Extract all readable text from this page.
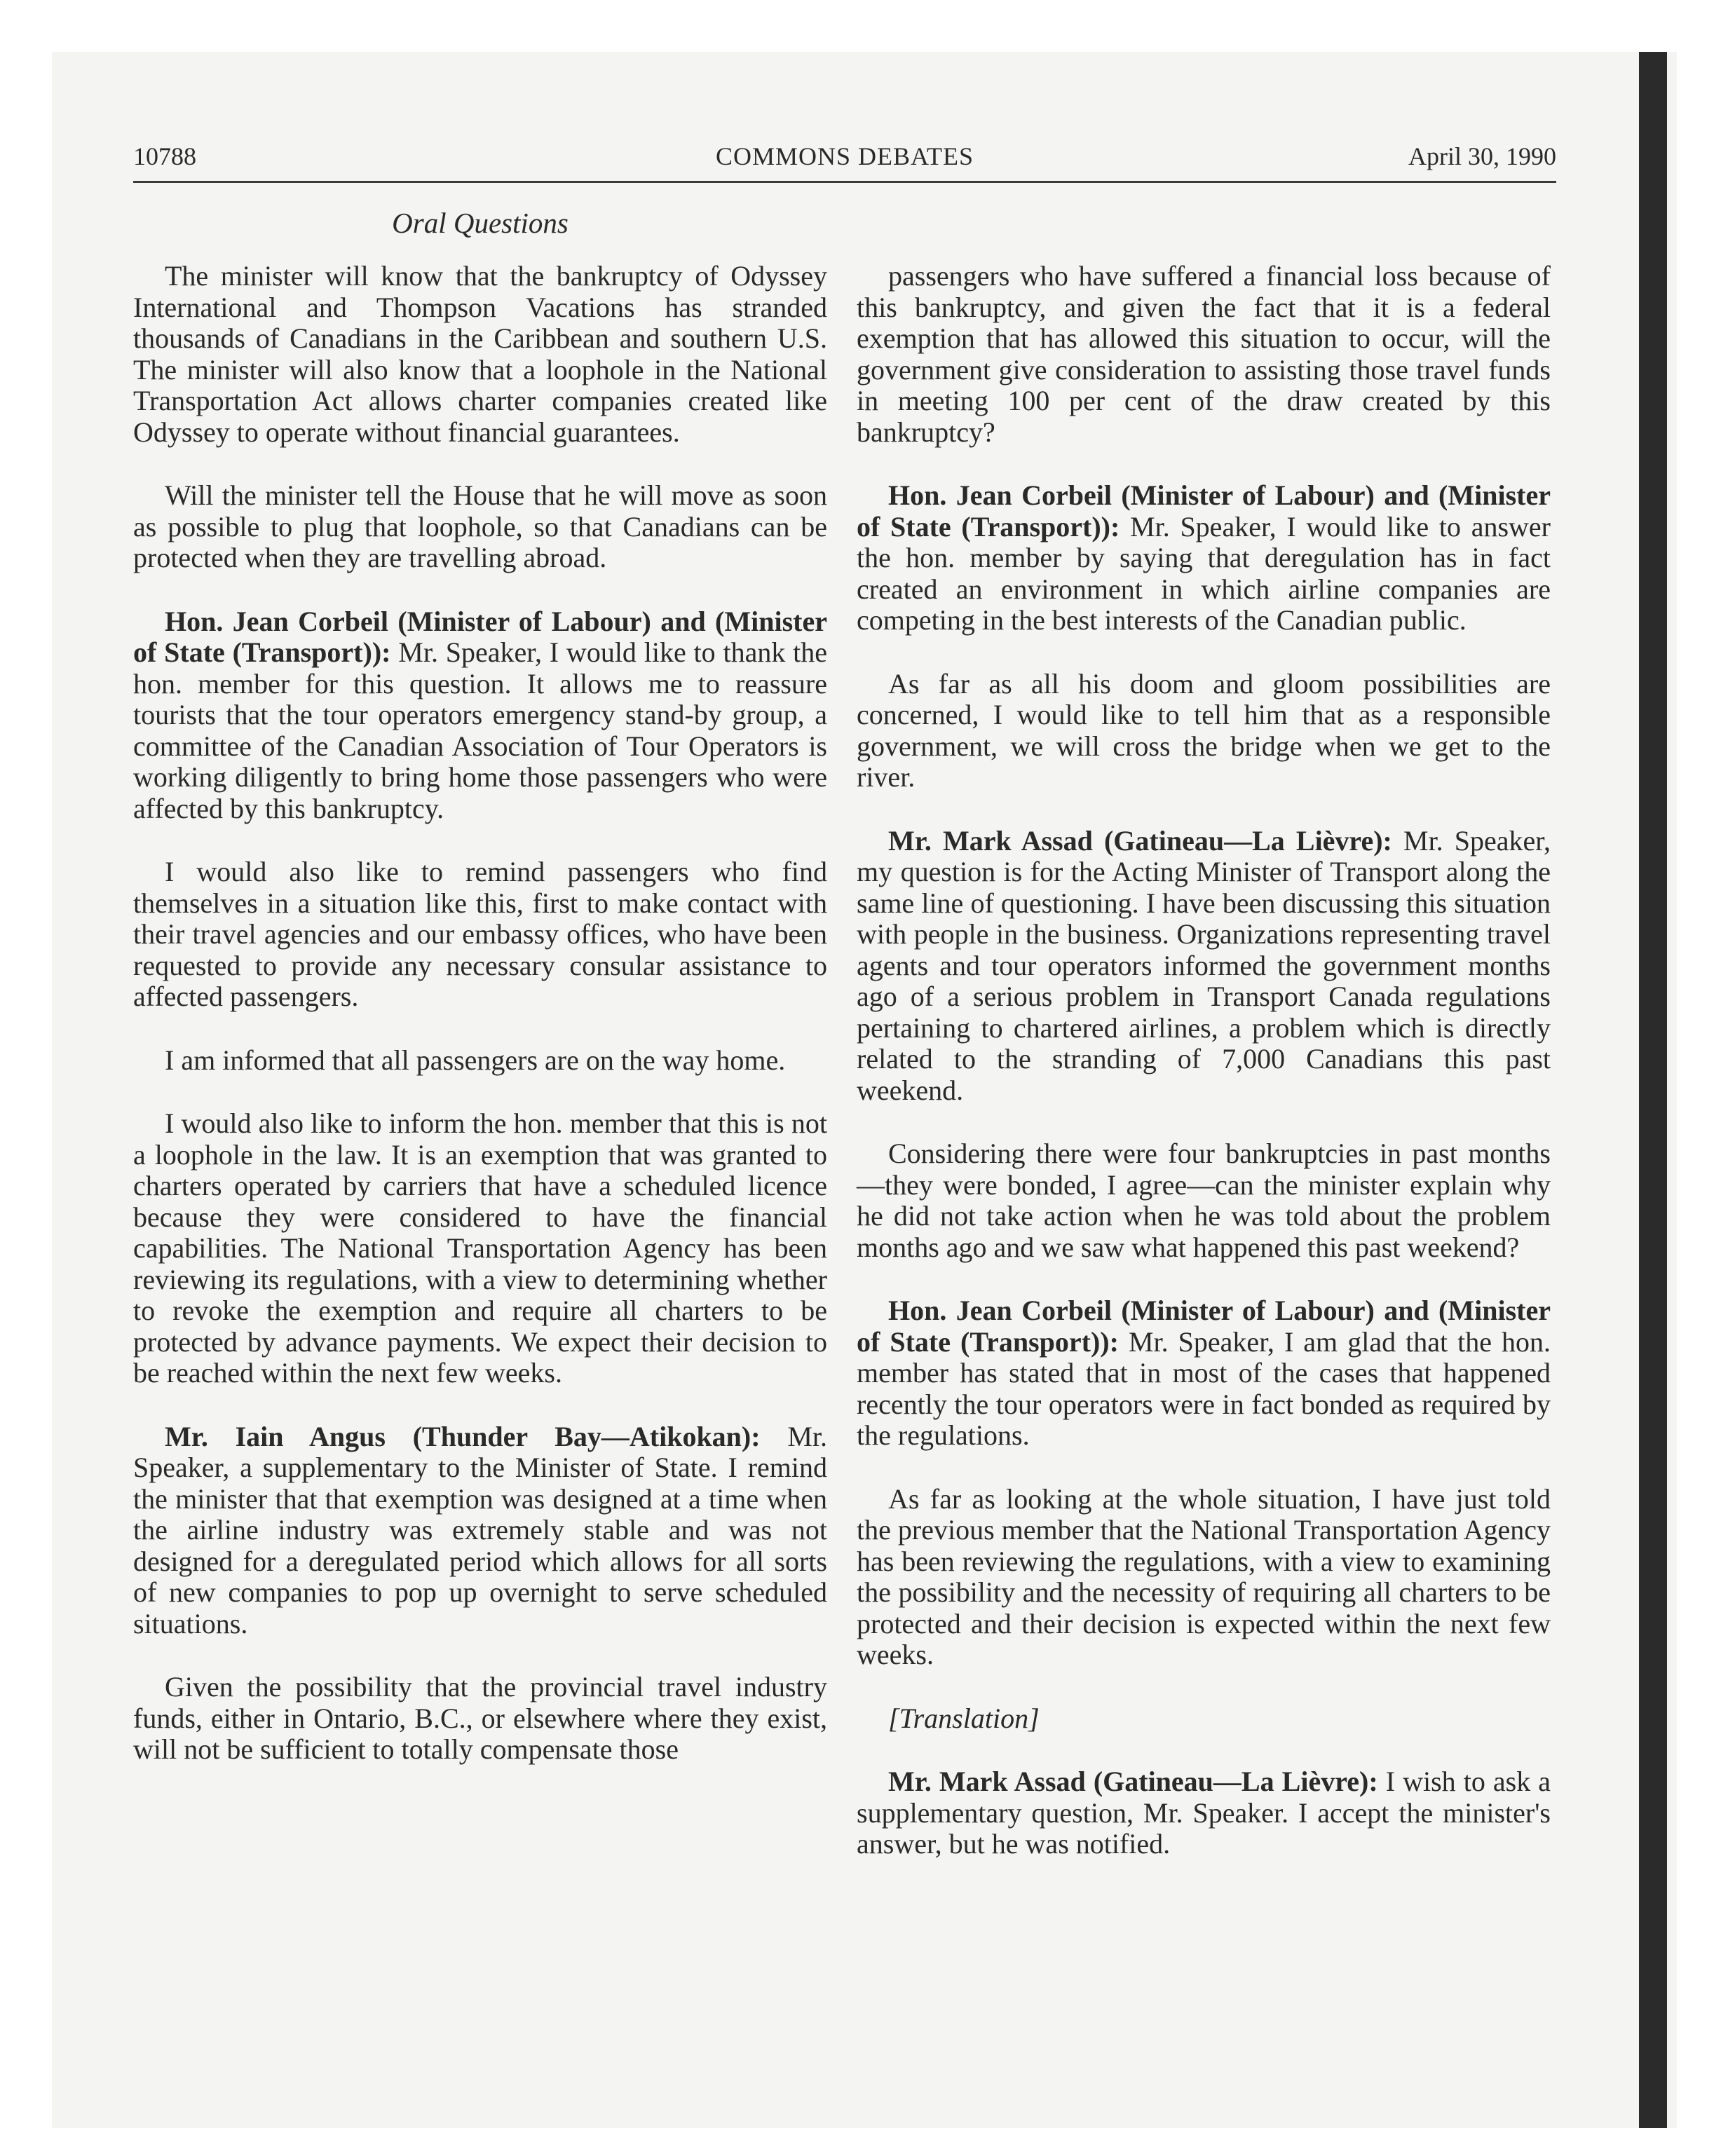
10788	COMMONS DEBATES	April 30, 1990
Oral Questions

The minister will know that the bankruptcy of Odyssey International and Thompson Vacations has stranded thousands of Canadians in the Caribbean and southern U.S. The minister will also know that a loophole in the National Transportation Act allows charter companies created like Odyssey to operate without financial guarantees.

Will the minister tell the House that he will move as soon as possible to plug that loophole, so that Canadians can be protected when they are travelling abroad.

Hon. Jean Corbeil (Minister of Labour) and (Minister of State (Transport)): Mr. Speaker, I would like to thank the hon. member for this question. It allows me to reassure tourists that the tour operators emergency stand-by group, a committee of the Canadian Association of Tour Operators is working diligently to bring home those passengers who were affected by this bankruptcy.

I would also like to remind passengers who find themselves in a situation like this, first to make contact with their travel agencies and our embassy offices, who have been requested to provide any necessary consular assistance to affected passengers.

I am informed that all passengers are on the way home.

I would also like to inform the hon. member that this is not a loophole in the law. It is an exemption that was granted to charters operated by carriers that have a scheduled licence because they were considered to have the financial capabilities. The National Transportation Agency has been reviewing its regulations, with a view to determining whether to revoke the exemption and require all charters to be protected by advance payments. We expect their decision to be reached within the next few weeks.

Mr. Iain Angus (Thunder Bay—Atikokan): Mr. Speaker, a supplementary to the Minister of State. I remind the minister that that exemption was designed at a time when the airline industry was extremely stable and was not designed for a deregulated period which allows for all sorts of new companies to pop up overnight to serve scheduled situations.

Given the possibility that the provincial travel industry funds, either in Ontario, B.C., or elsewhere where they exist, will not be sufficient to totally compensate those

passengers who have suffered a financial loss because of this bankruptcy, and given the fact that it is a federal exemption that has allowed this situation to occur, will the government give consideration to assisting those travel funds in meeting 100 per cent of the draw created by this bankruptcy?

Hon. Jean Corbeil (Minister of Labour) and (Minister of State (Transport)): Mr. Speaker, I would like to answer the hon. member by saying that deregulation has in fact created an environment in which airline companies are competing in the best interests of the Canadian public.

As far as all his doom and gloom possibilities are concerned, I would like to tell him that as a responsible government, we will cross the bridge when we get to the river.

Mr. Mark Assad (Gatineau—La Lièvre): Mr. Speaker, my question is for the Acting Minister of Transport along the same line of questioning. I have been discussing this situation with people in the business. Organizations representing travel agents and tour operators informed the government months ago of a serious problem in Transport Canada regulations pertaining to chartered airlines, a problem which is directly related to the stranding of 7,000 Canadians this past weekend.

Considering there were four bankruptcies in past months—they were bonded, I agree—can the minister explain why he did not take action when he was told about the problem months ago and we saw what happened this past weekend?

Hon. Jean Corbeil (Minister of Labour) and (Minister of State (Transport)): Mr. Speaker, I am glad that the hon. member has stated that in most of the cases that happened recently the tour operators were in fact bonded as required by the regulations.

As far as looking at the whole situation, I have just told the previous member that the National Transportation Agency has been reviewing the regulations, with a view to examining the possibility and the necessity of requiring all charters to be protected and their decision is expected within the next few weeks.

[Translation]

Mr. Mark Assad (Gatineau—La Lièvre): I wish to ask a supplementary question, Mr. Speaker. I accept the minister's answer, but he was notified.
